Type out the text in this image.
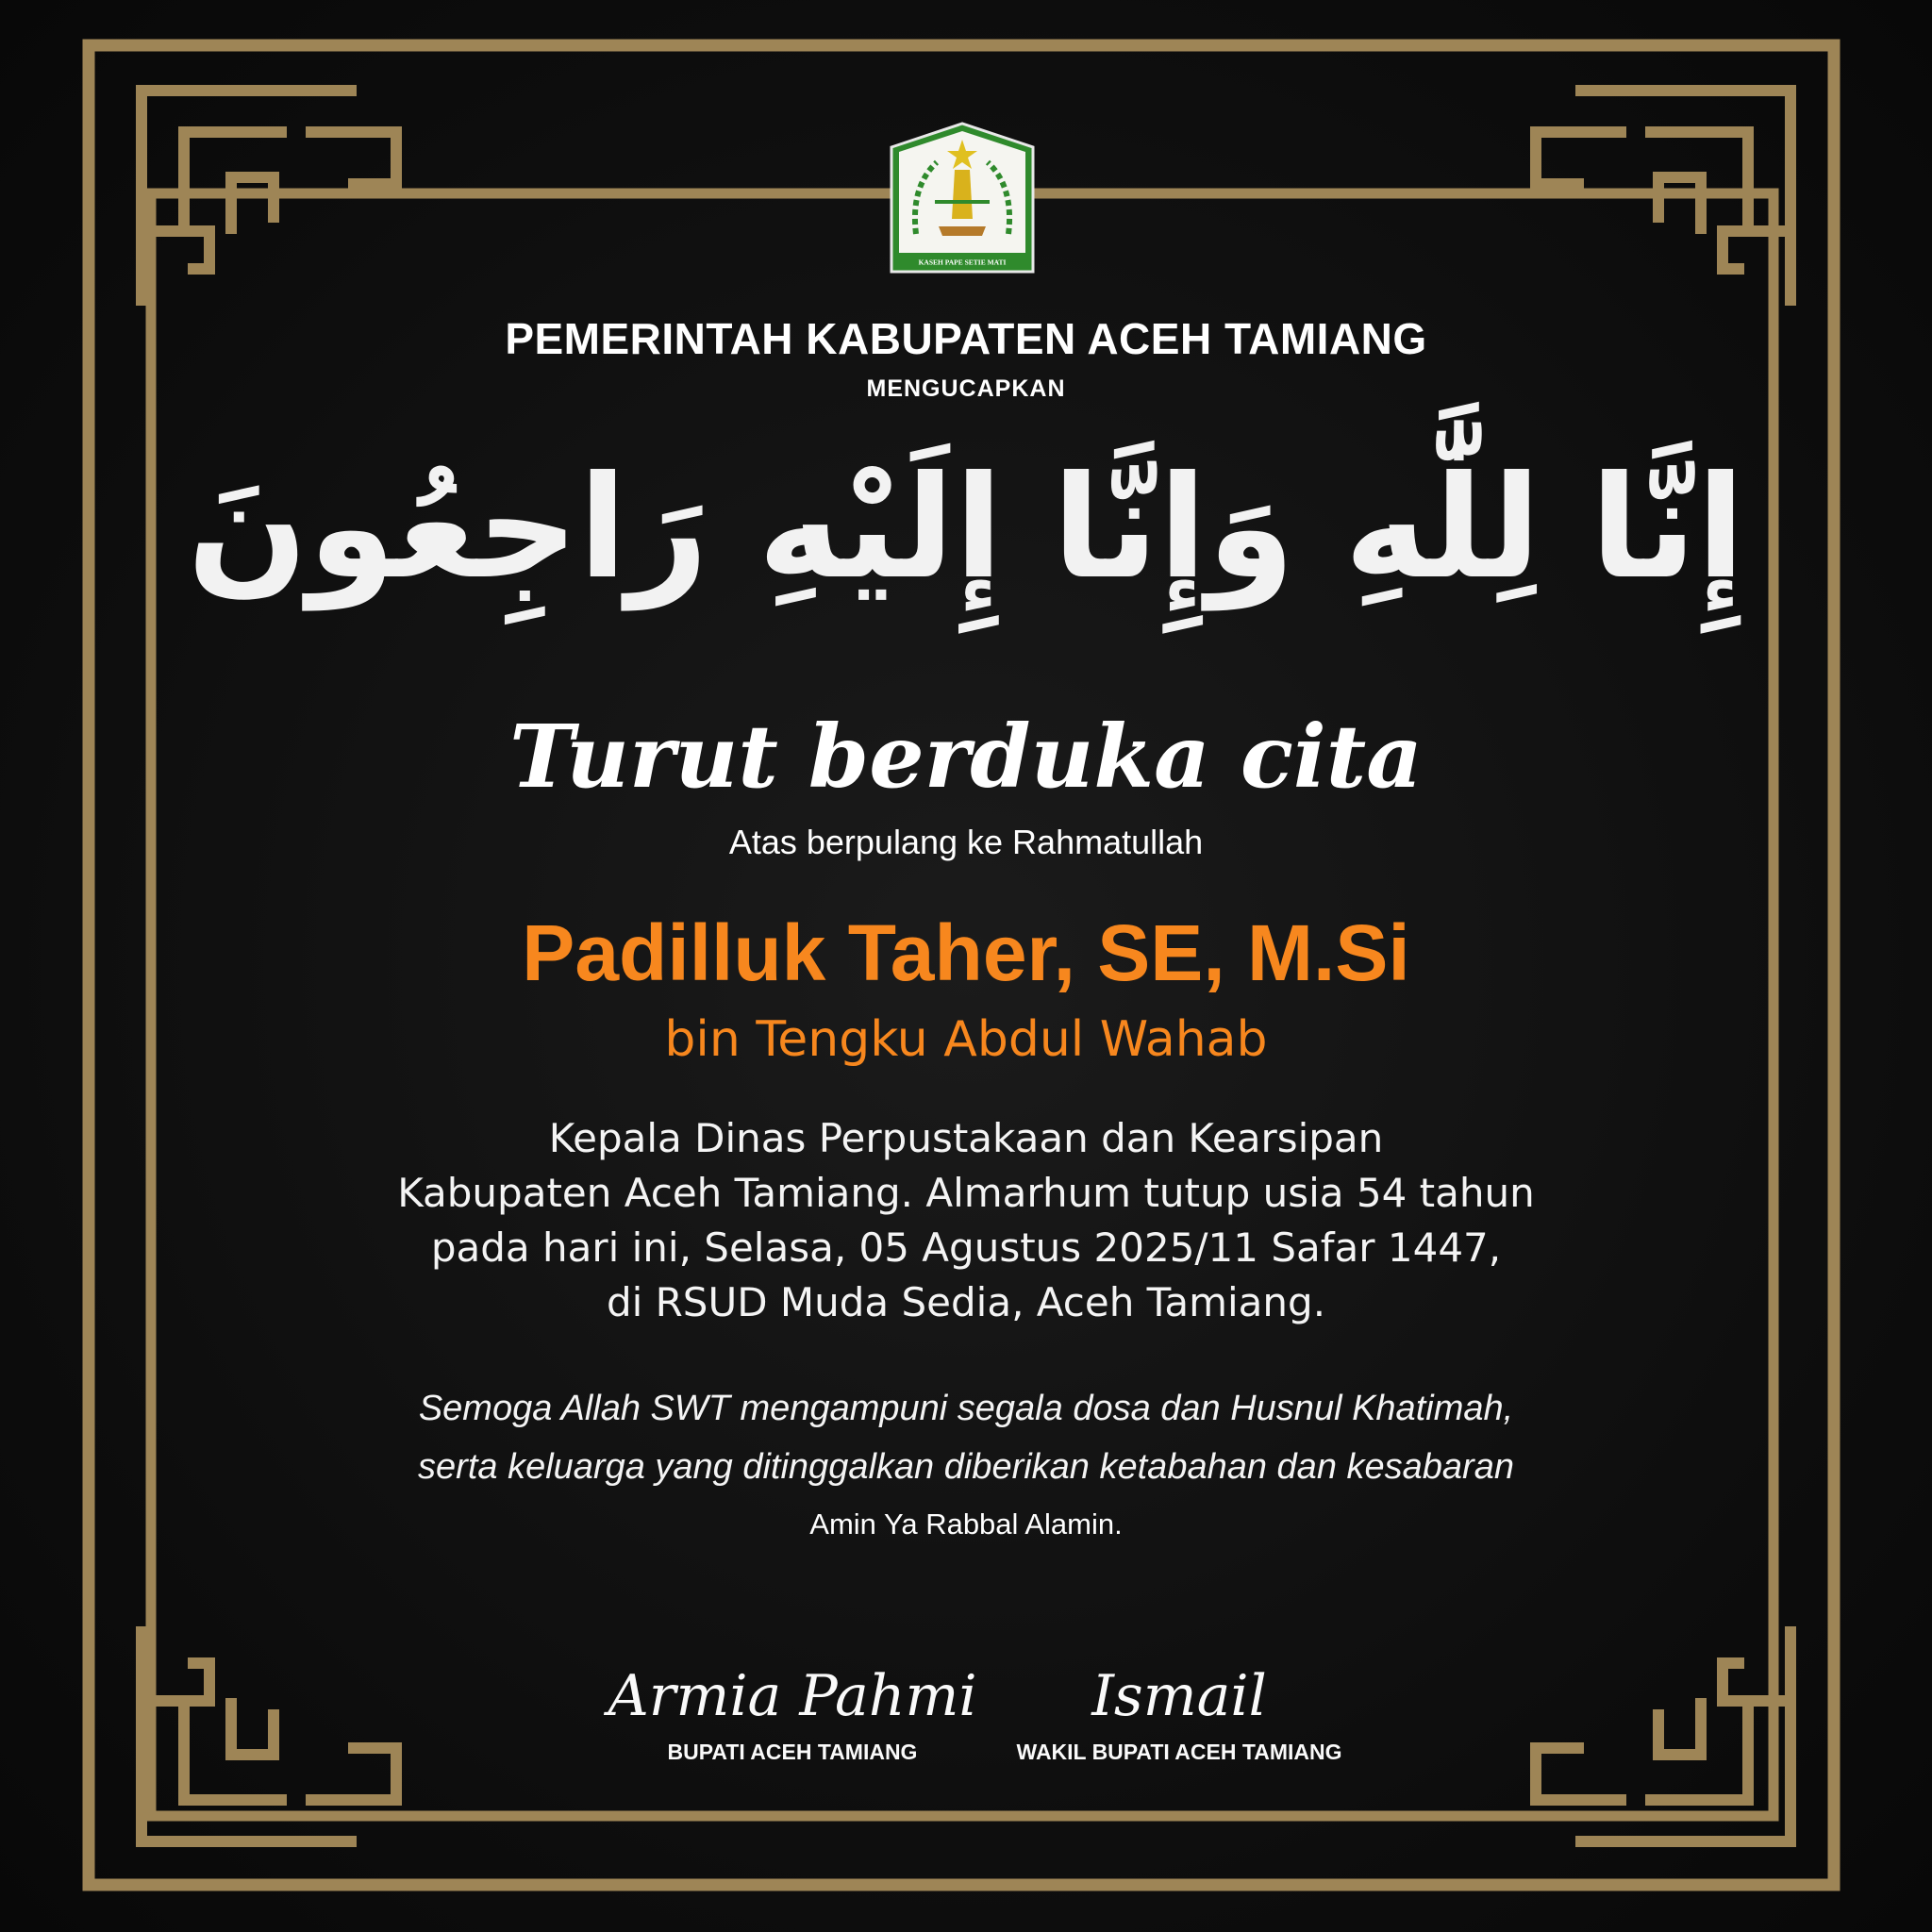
KASEH PAPE SETIE MATI
PEMERINTAH KABUPATEN ACEH TAMIANG
MENGUCAPKAN
إِنَّا لِلَّٰهِ وَإِنَّا إِلَيْهِ رَاجِعُونَ
Turut berduka cita
Atas berpulang ke Rahmatullah
Padilluk Taher, SE, M.Si
bin Tengku Abdul Wahab
Kepala Dinas Perpustakaan dan Kearsipan
Kabupaten Aceh Tamiang. Almarhum tutup usia 54 tahun
pada hari ini, Selasa, 05 Agustus 2025/11 Safar 1447,
di RSUD Muda Sedia, Aceh Tamiang.
Semoga Allah SWT mengampuni segala dosa dan Husnul Khatimah,
serta keluarga yang ditinggalkan diberikan ketabahan dan kesabaran
Amin Ya Rabbal Alamin.
Armia Pahmi
BUPATI ACEH TAMIANG
Ismail
WAKIL BUPATI ACEH TAMIANG
